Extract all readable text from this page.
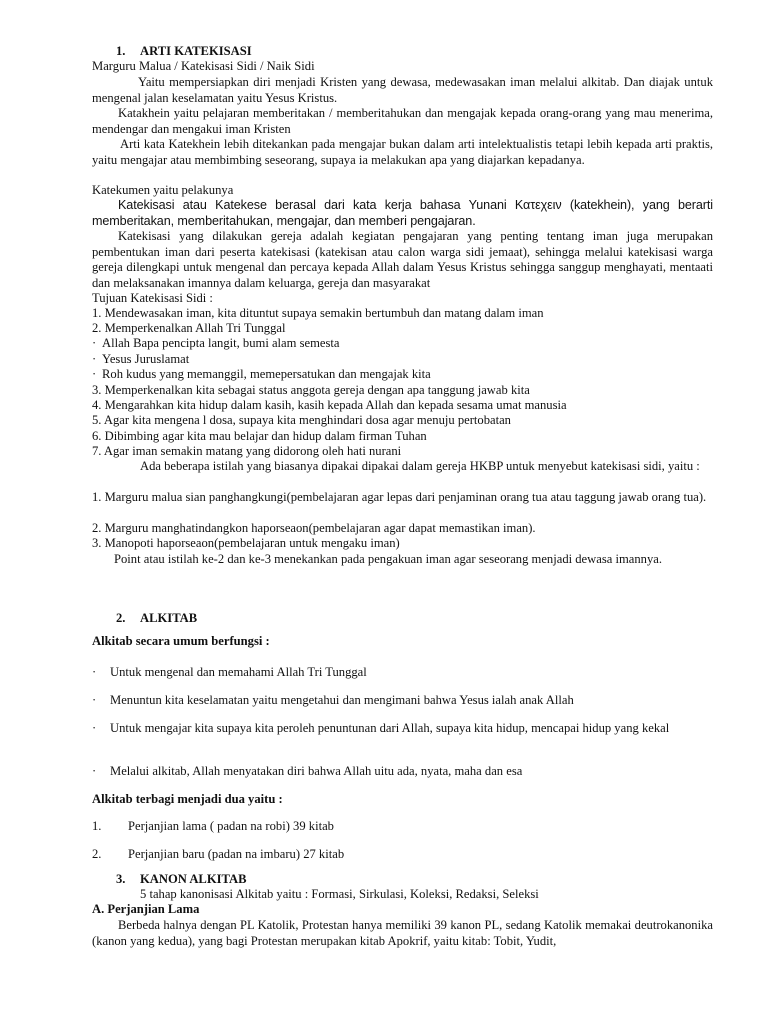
1. ARTI KATEKISASI
Marguru Malua / Katekisasi Sidi / Naik Sidi
Yaitu mempersiapkan diri menjadi Kristen yang dewasa, medewasakan iman melalui alkitab. Dan diajak untuk mengenal jalan keselamatan yaitu Yesus Kristus.
Katakhein yaitu pelajaran memberitakan / memberitahukan dan mengajak kepada orang-orang yang mau menerima, mendengar dan mengakui iman Kristen
Arti kata Katekhein lebih ditekankan pada mengajar bukan dalam arti intelektualistis tetapi lebih kepada arti praktis, yaitu mengajar atau membimbing seseorang, supaya ia melakukan apa yang diajarkan kepadanya.
Katekumen yaitu pelakunya
Katekisasi atau Katekese berasal dari kata kerja bahasa Yunani Κατεχειν (katekhein), yang berarti memberitakan, memberitahukan, mengajar, dan memberi pengajaran.
Katekisasi yang dilakukan gereja adalah kegiatan pengajaran yang penting tentang iman juga merupakan pembentukan iman dari peserta katekisasi (katekisan atau calon warga sidi jemaat), sehingga melalui katekisasi warga gereja dilengkapi untuk mengenal dan percaya kepada Allah dalam Yesus Kristus sehingga sanggup menghayati, mentaati dan melaksanakan imannya dalam keluarga, gereja dan masyarakat
Tujuan Katekisasi Sidi :
1. Mendewasakan iman, kita dituntut supaya semakin bertumbuh dan matang dalam iman
2. Memperkenalkan Allah Tri Tunggal
· Allah Bapa pencipta langit, bumi alam semesta
· Yesus Juruslamat
· Roh kudus yang memanggil, memepersatukan dan mengajak kita
3. Memperkenalkan kita sebagai status anggota gereja dengan apa tanggung jawab kita
4. Mengarahkan kita hidup dalam kasih, kasih kepada Allah dan kepada sesama umat manusia
5. Agar kita mengena l dosa, supaya kita menghindari dosa agar menuju pertobatan
6. Dibimbing agar kita mau belajar dan hidup dalam firman Tuhan
7. Agar iman semakin matang yang didorong oleh hati nurani
Ada beberapa istilah yang biasanya dipakai dipakai dalam gereja HKBP untuk menyebut katekisasi sidi, yaitu :
1. Marguru malua sian panghangkungi(pembelajaran agar lepas dari penjaminan orang tua atau taggung jawab orang tua).
2. Marguru manghatindangkon haporseaon(pembelajaran agar dapat memastikan iman).
3. Manopoti haporseaon(pembelajaran untuk mengaku iman)
Point atau istilah ke-2 dan ke-3 menekankan pada pengakuan iman agar seseorang menjadi dewasa imannya.
2. ALKITAB
Alkitab secara umum berfungsi :
· Untuk mengenal dan memahami Allah Tri Tunggal
· Menuntun kita keselamatan yaitu mengetahui dan mengimani bahwa Yesus ialah anak Allah
· Untuk mengajar kita supaya kita peroleh penuntunan dari Allah, supaya kita hidup, mencapai hidup yang kekal
· Melalui alkitab, Allah menyatakan diri bahwa Allah uitu ada, nyata, maha dan esa
Alkitab terbagi menjadi dua yaitu :
1. Perjanjian lama ( padan na robi) 39 kitab
2. Perjanjian baru (padan na imbaru) 27 kitab
3. KANON ALKITAB
5 tahap kanonisasi Alkitab yaitu : Formasi, Sirkulasi, Koleksi, Redaksi, Seleksi
A. Perjanjian Lama
Berbeda halnya dengan PL Katolik, Protestan hanya memiliki 39 kanon PL, sedang Katolik memakai deutrokanonika (kanon yang kedua), yang bagi Protestan merupakan kitab Apokrif, yaitu kitab: Tobit, Yudit,
